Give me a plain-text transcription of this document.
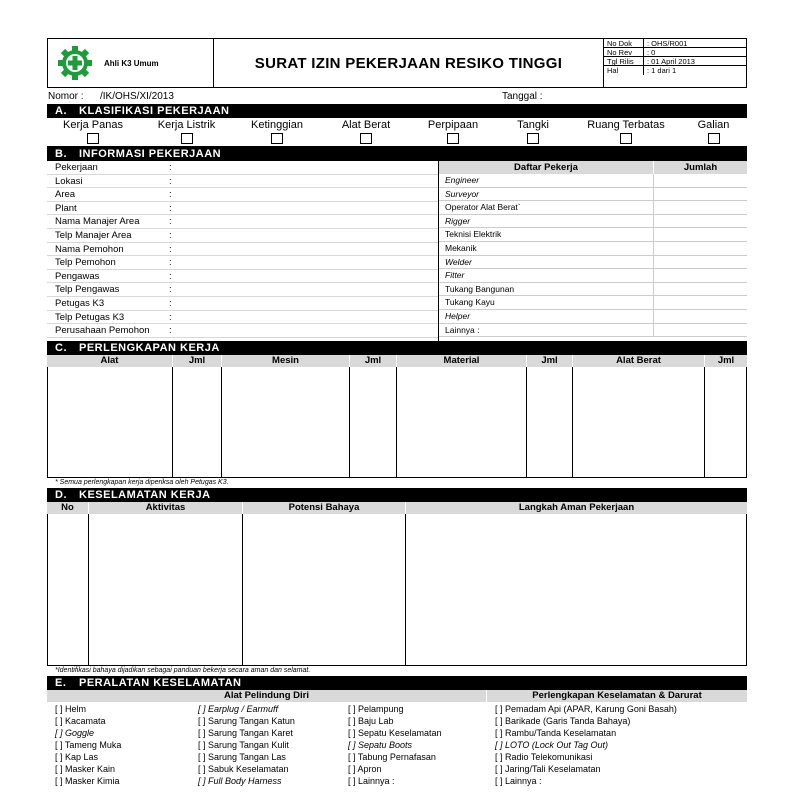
Ahli K3 Umum	SURAT IZIN PEKERJAAN RESIKO TINGGI
No Dok	: OHS/R001
No Rev	: 0
Tgl Rilis	: 01 April 2013
Hal	: 1 dari 1
Nomor :	/IK/OHS/XI/2013	Tanggal :
A. KLASIFIKASI PEKERJAAN
Kerja Panas	Kerja Listrik	Ketinggian	Alat Berat	Perpipaan	Tangki	Ruang Terbatas	Galian
B. INFORMASI PEKERJAAN
Pekerjaan	:
Lokasi	:
Area	:
Plant	:
Nama Manajer Area	:
Telp Manajer Area	:
Nama Pemohon	:
Telp Pemohon	:
Pengawas	:
Telp Pengawas	:
Petugas K3	:
Telp Petugas K3	:
Perusahaan Pemohon	:
Daftar Pekerja	Jumlah
Engineer
Surveyor
Operator Alat Berat`
Rigger
Teknisi Elektrik
Mekanik
Welder
Fitter
Tukang Bangunan
Tukang Kayu
Helper
Lainnya :
C. PERLENGKAPAN KERJA
Alat	Jml	Mesin	Jml	Material	Jml	Alat Berat	Jml
* Semua perlengkapan kerja diperiksa oleh Petugas K3.
D. KESELAMATAN KERJA
No	Aktivitas	Potensi Bahaya	Langkah Aman Pekerjaan
*Identifikasi bahaya dijadikan sebagai panduan bekerja secara aman dan selamat.
E. PERALATAN KESELAMATAN
Alat Pelindung Diri	Perlengkapan Keselamatan & Darurat
[ ] Helm
[ ] Kacamata
[ ] Goggle
[ ] Tameng Muka
[ ] Kap Las
[ ] Masker Kain
[ ] Masker Kimia
[ ] Earplug / Earmuff
[ ] Sarung Tangan Katun
[ ] Sarung Tangan Karet
[ ] Sarung Tangan Kulit
[ ] Sarung Tangan Las
[ ] Sabuk Keselamatan
[ ] Full Body Harness
[ ] Pelampung
[ ] Baju Lab
[ ] Sepatu Keselamatan
[ ] Sepatu Boots
[ ] Tabung Pernafasan
[ ] Apron
[ ] Lainnya :
[ ] Pemadam Api (APAR, Karung Goni Basah)
[ ] Barikade (Garis Tanda Bahaya)
[ ] Rambu/Tanda Keselamatan
[ ] LOTO (Lock Out Tag Out)
[ ] Radio Telekomunikasi
[ ] Jaring/Tali Keselamatan
[ ] Lainnya :
